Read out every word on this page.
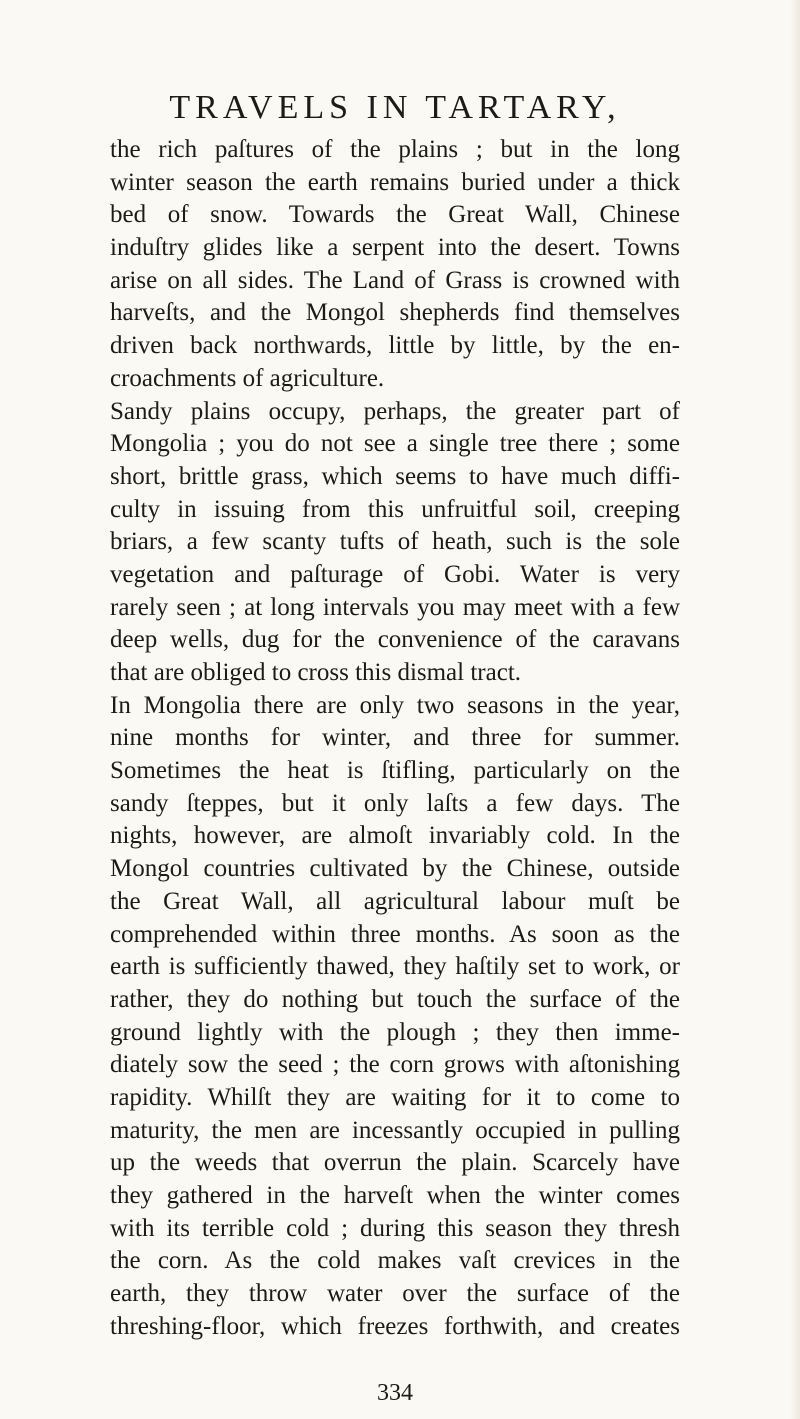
TRAVELS IN TARTARY,
the rich paſtures of the plains ; but in the long
winter season the earth remains buried under a thick
bed of snow. Towards the Great Wall, Chinese
induſtry glides like a serpent into the desert. Towns
arise on all sides. The Land of Grass is crowned with
harveſts, and the Mongol shepherds find themselves
driven back northwards, little by little, by the en-
croachments of agriculture.
Sandy plains occupy, perhaps, the greater part of
Mongolia ; you do not see a single tree there ; some
short, brittle grass, which seems to have much diffi-
culty in issuing from this unfruitful soil, creeping
briars, a few scanty tufts of heath, such is the sole
vegetation and paſturage of Gobi. Water is very
rarely seen ; at long intervals you may meet with a few
deep wells, dug for the convenience of the caravans
that are obliged to cross this dismal tract.
In Mongolia there are only two seasons in the year,
nine months for winter, and three for summer.
Sometimes the heat is ſtifling, particularly on the
sandy ſteppes, but it only laſts a few days. The
nights, however, are almoſt invariably cold. In the
Mongol countries cultivated by the Chinese, outside
the Great Wall, all agricultural labour muſt be
comprehended within three months. As soon as the
earth is sufficiently thawed, they haſtily set to work, or
rather, they do nothing but touch the surface of the
ground lightly with the plough ; they then imme-
diately sow the seed ; the corn grows with aſtonishing
rapidity. Whilſt they are waiting for it to come to
maturity, the men are incessantly occupied in pulling
up the weeds that overrun the plain. Scarcely have
they gathered in the harveſt when the winter comes
with its terrible cold ; during this season they thresh
the corn. As the cold makes vaſt crevices in the
earth, they throw water over the surface of the
threshing-floor, which freezes forthwith, and creates
334
